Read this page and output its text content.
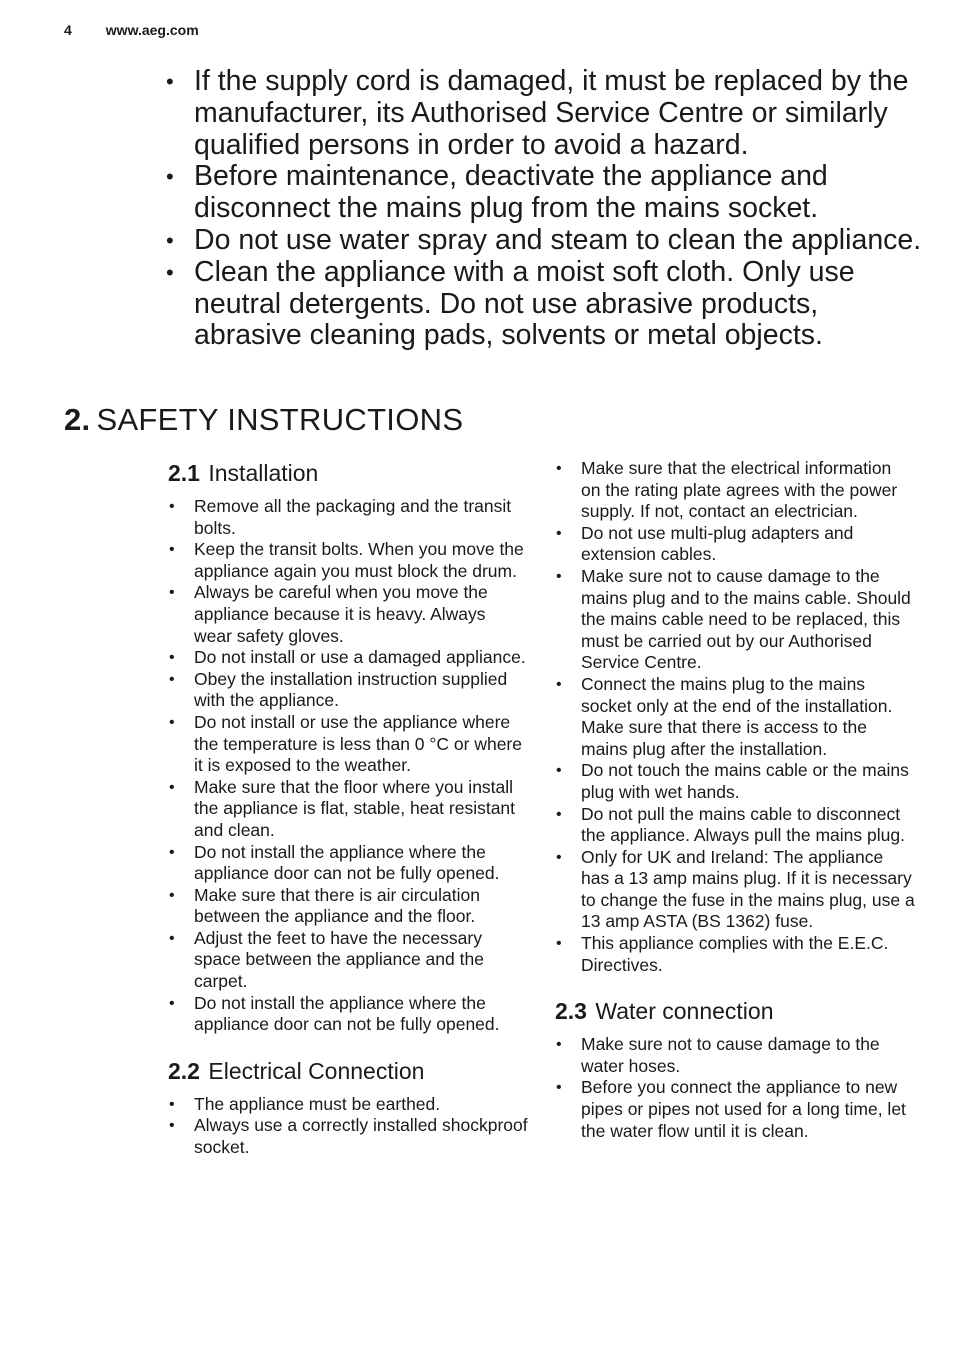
4 www.aeg.com
• If the supply cord is damaged, it must be replaced by the manufacturer, its Authorised Service Centre or similarly qualified persons in order to avoid a hazard.
• Before maintenance, deactivate the appliance and disconnect the mains plug from the mains socket.
• Do not use water spray and steam to clean the appliance.
• Clean the appliance with a moist soft cloth. Only use neutral detergents. Do not use abrasive products, abrasive cleaning pads, solvents or metal objects.
2. SAFETY INSTRUCTIONS
2.1 Installation
• Remove all the packaging and the transit bolts.
• Keep the transit bolts. When you move the appliance again you must block the drum.
• Always be careful when you move the appliance because it is heavy. Always wear safety gloves.
• Do not install or use a damaged appliance.
• Obey the installation instruction supplied with the appliance.
• Do not install or use the appliance where the temperature is less than 0 °C or where it is exposed to the weather.
• Make sure that the floor where you install the appliance is flat, stable, heat resistant and clean.
• Do not install the appliance where the appliance door can not be fully opened.
• Make sure that there is air circulation between the appliance and the floor.
• Adjust the feet to have the necessary space between the appliance and the carpet.
• Do not install the appliance where the appliance door can not be fully opened.
2.2 Electrical Connection
• The appliance must be earthed.
• Always use a correctly installed shockproof socket.
• Make sure that the electrical information on the rating plate agrees with the power supply. If not, contact an electrician.
• Do not use multi-plug adapters and extension cables.
• Make sure not to cause damage to the mains plug and to the mains cable. Should the mains cable need to be replaced, this must be carried out by our Authorised Service Centre.
• Connect the mains plug to the mains socket only at the end of the installation. Make sure that there is access to the mains plug after the installation.
• Do not touch the mains cable or the mains plug with wet hands.
• Do not pull the mains cable to disconnect the appliance. Always pull the mains plug.
• Only for UK and Ireland: The appliance has a 13 amp mains plug. If it is necessary to change the fuse in the mains plug, use a 13 amp ASTA (BS 1362) fuse.
• This appliance complies with the E.E.C. Directives.
2.3 Water connection
• Make sure not to cause damage to the water hoses.
• Before you connect the appliance to new pipes or pipes not used for a long time, let the water flow until it is clean.
